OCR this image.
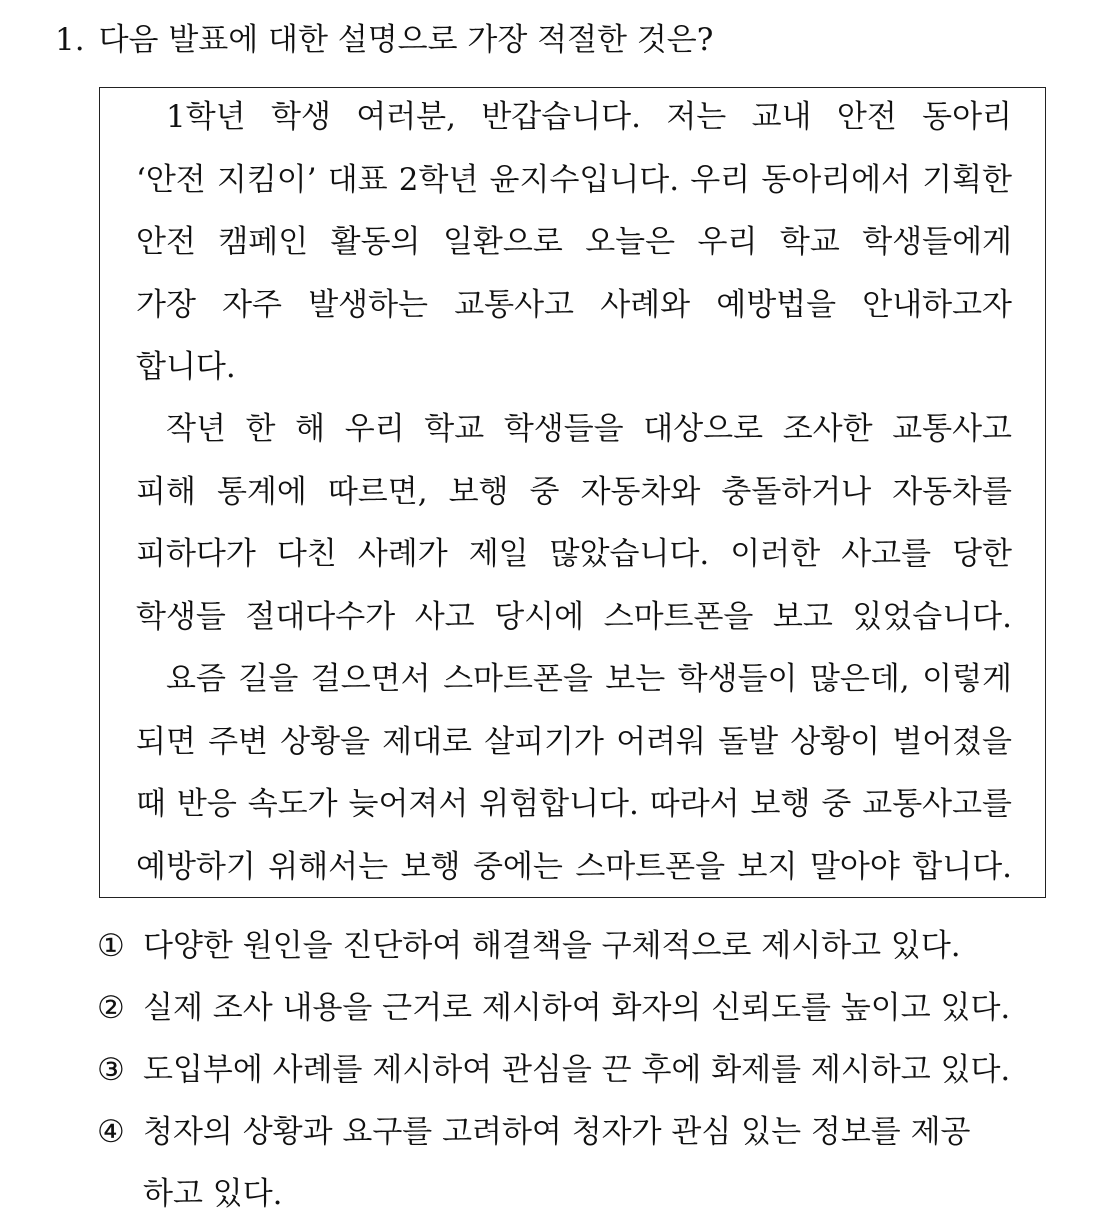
1. 다음 발표에 대한 설명으로 가장 적절한 것은?
1학년 학생 여러분, 반갑습니다. 저는 교내 안전 동아리
‘안전 지킴이’ 대표 2학년 윤지수입니다. 우리 동아리에서 기획한
안전 캠페인 활동의 일환으로 오늘은 우리 학교 학생들에게
가장 자주 발생하는 교통사고 사례와 예방법을 안내하고자
합니다.
작년 한 해 우리 학교 학생들을 대상으로 조사한 교통사고
피해 통계에 따르면, 보행 중 자동차와 충돌하거나 자동차를
피하다가 다친 사례가 제일 많았습니다. 이러한 사고를 당한
학생들 절대다수가 사고 당시에 스마트폰을 보고 있었습니다.
요즘 길을 걸으면서 스마트폰을 보는 학생들이 많은데, 이렇게
되면 주변 상황을 제대로 살피기가 어려워 돌발 상황이 벌어졌을
때 반응 속도가 늦어져서 위험합니다. 따라서 보행 중 교통사고를
예방하기 위해서는 보행 중에는 스마트폰을 보지 말아야 합니다.
① 다양한 원인을 진단하여 해결책을 구체적으로 제시하고 있다.
② 실제 조사 내용을 근거로 제시하여 화자의 신뢰도를 높이고 있다.
③ 도입부에 사례를 제시하여 관심을 끈 후에 화제를 제시하고 있다.
④ 청자의 상황과 요구를 고려하여 청자가 관심 있는 정보를 제공
하고 있다.
